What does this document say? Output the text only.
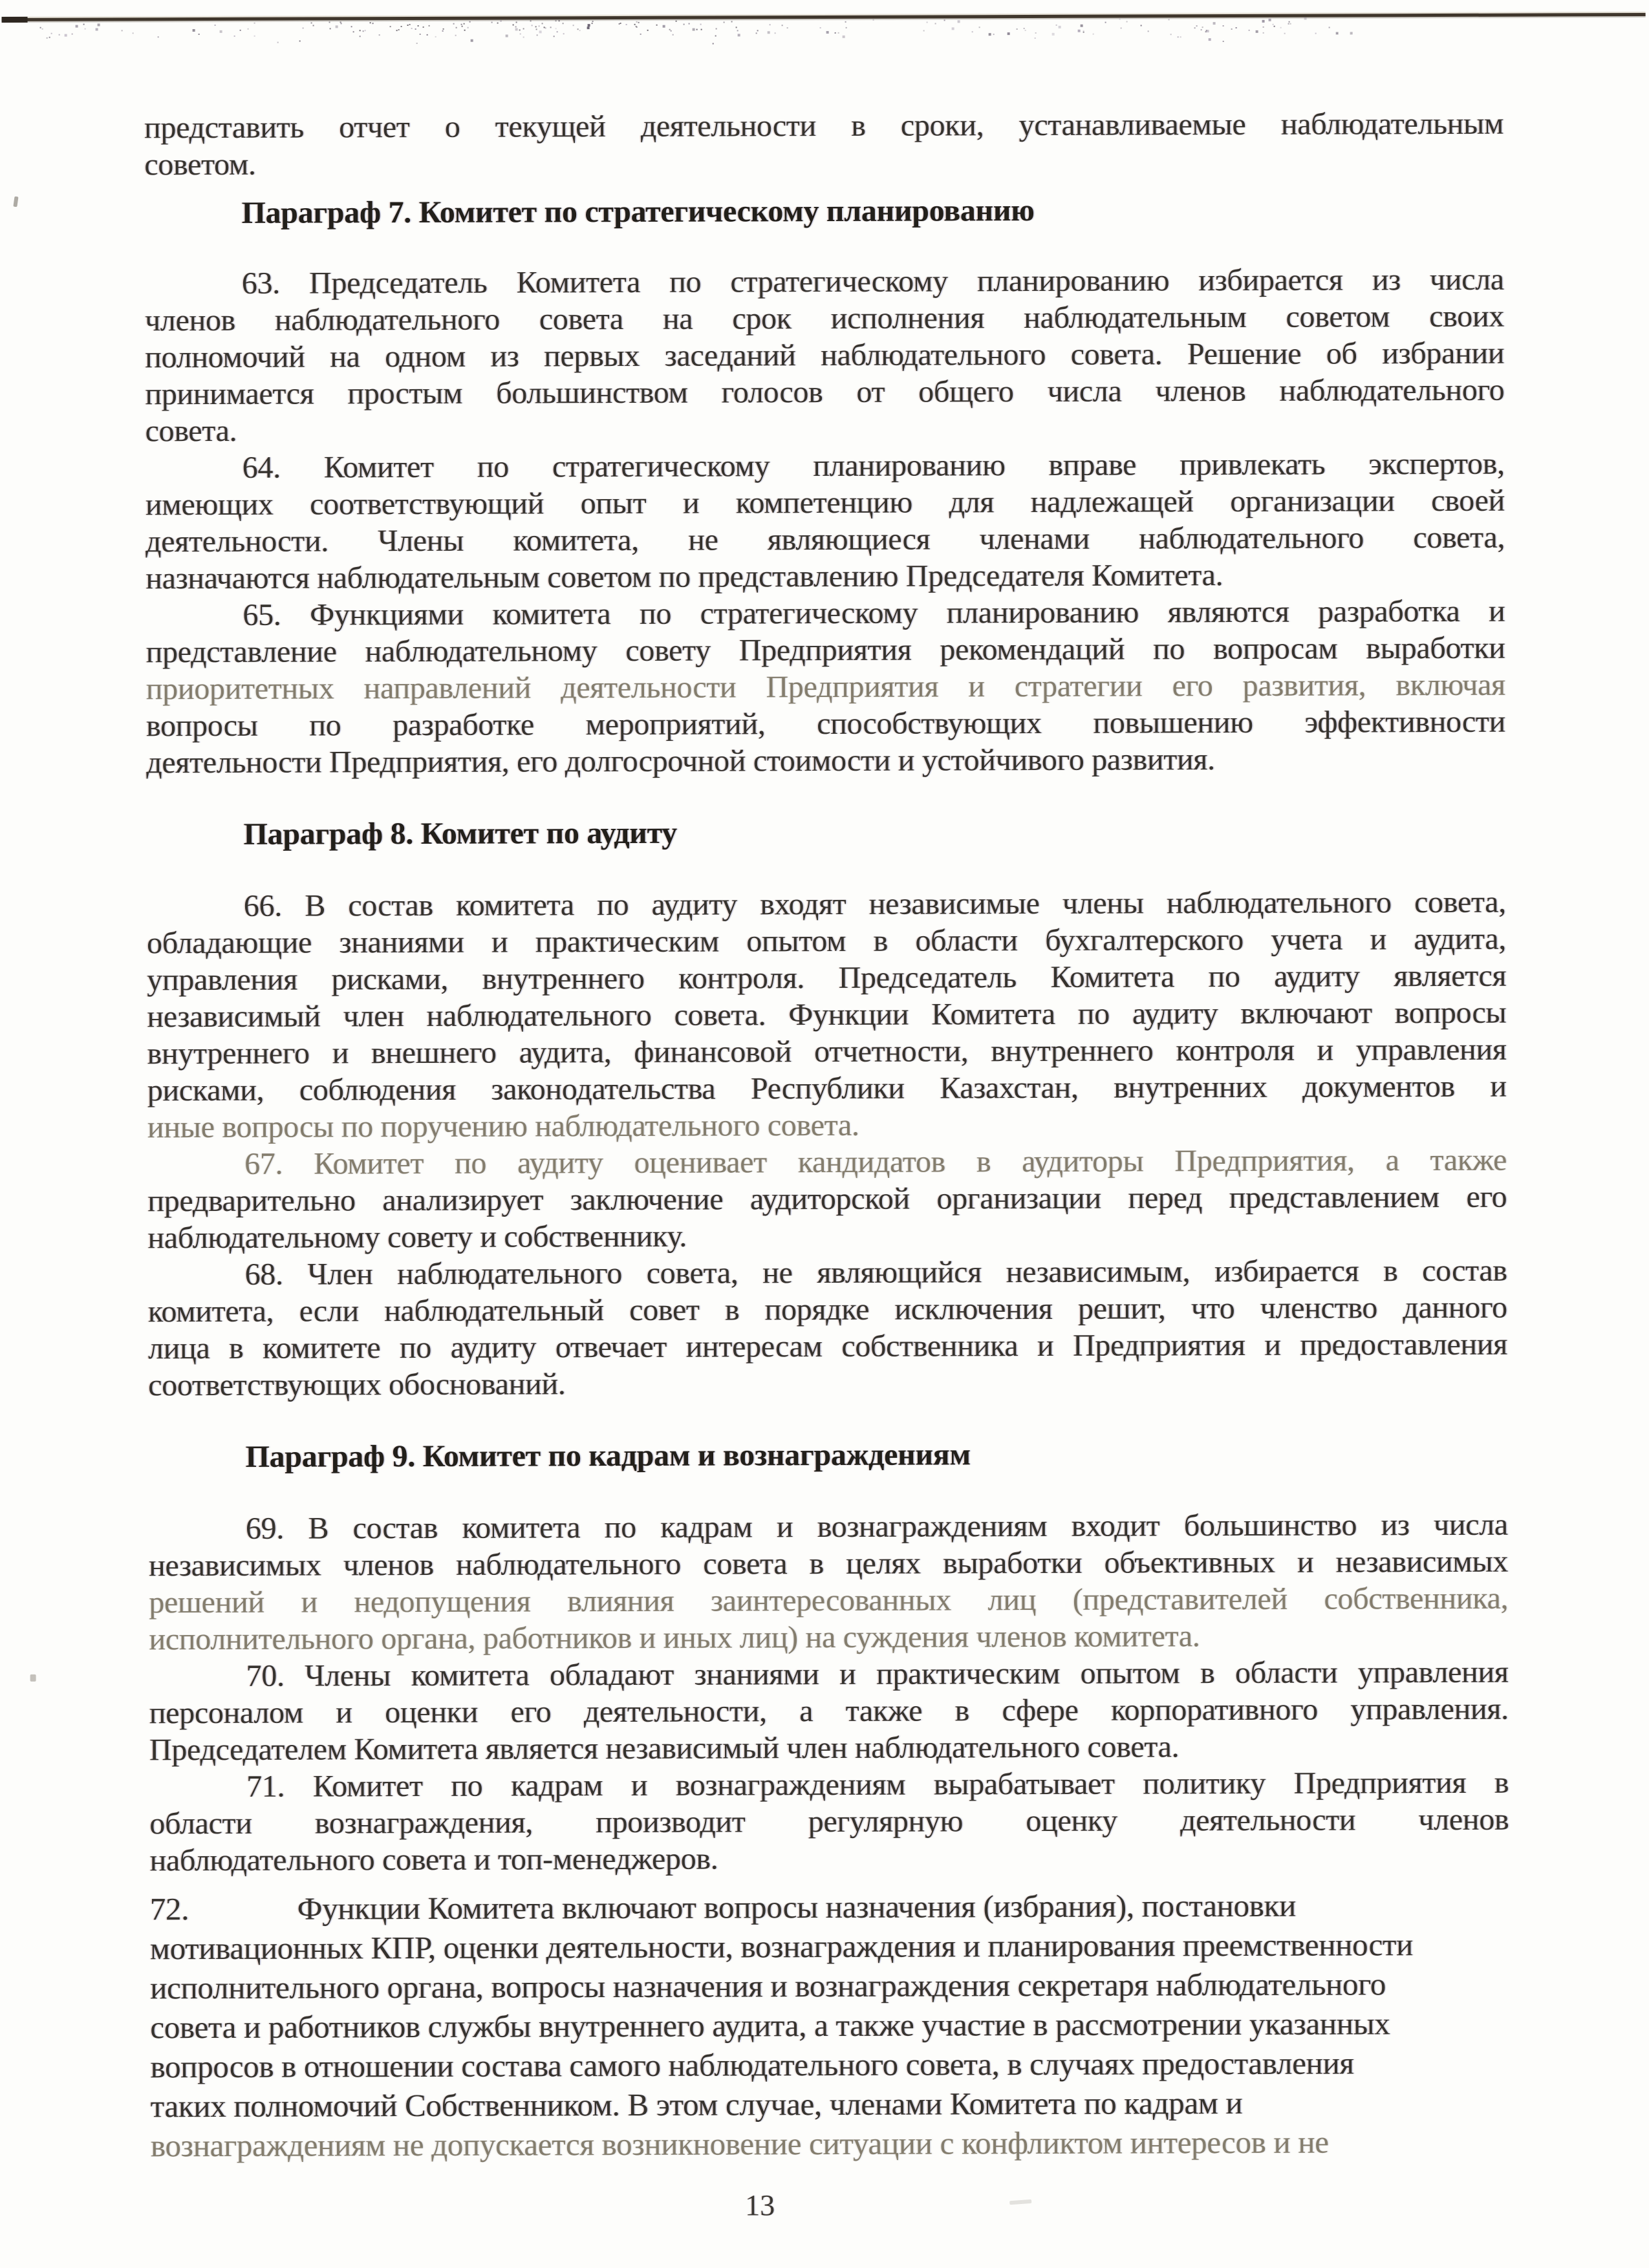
представить отчет о текущей деятельности в сроки, устанавливаемые наблюдательным
советом.
Параграф 7. Комитет по стратегическому планированию
63. Председатель Комитета по стратегическому планированию избирается из числа
членов наблюдательного совета на срок исполнения наблюдательным советом своих
полномочий на одном из первых заседаний наблюдательного совета. Решение об избрании
принимается простым большинством голосов от общего числа членов наблюдательного
совета.
64. Комитет по стратегическому планированию вправе привлекать экспертов,
имеющих соответствующий опыт и компетенцию для надлежащей организации своей
деятельности. Члены комитета, не являющиеся членами наблюдательного совета,
назначаются наблюдательным советом по представлению Председателя Комитета.
65. Функциями комитета по стратегическому планированию являются разработка и
представление наблюдательному совету Предприятия рекомендаций по вопросам выработки
приоритетных направлений деятельности Предприятия и стратегии его развития, включая
вопросы по разработке мероприятий, способствующих повышению эффективности
деятельности Предприятия, его долгосрочной стоимости и устойчивого развития.
Параграф 8. Комитет по аудиту
66. В состав комитета по аудиту входят независимые члены наблюдательного совета,
обладающие знаниями и практическим опытом в области бухгалтерского учета и аудита,
управления рисками, внутреннего контроля. Председатель Комитета по аудиту является
независимый член наблюдательного совета. Функции Комитета по аудиту включают вопросы
внутреннего и внешнего аудита, финансовой отчетности, внутреннего контроля и управления
рисками, соблюдения законодательства Республики Казахстан, внутренних документов и
иные вопросы по поручению наблюдательного совета.
67. Комитет по аудиту оценивает кандидатов в аудиторы Предприятия, а также
предварительно анализирует заключение аудиторской организации перед представлением его
наблюдательному совету и собственнику.
68. Член наблюдательного совета, не являющийся независимым, избирается в состав
комитета, если наблюдательный совет в порядке исключения решит, что членство данного
лица в комитете по аудиту отвечает интересам собственника и Предприятия и предоставления
соответствующих обоснований.
Параграф 9. Комитет по кадрам и вознаграждениям
69. В состав комитета по кадрам и вознаграждениям входит большинство из числа
независимых членов наблюдательного совета в целях выработки объективных и независимых
решений и недопущения влияния заинтересованных лиц (представителей собственника,
исполнительного органа, работников и иных лиц) на суждения членов комитета.
70. Члены комитета обладают знаниями и практическим опытом в области управления
персоналом и оценки его деятельности, а также в сфере корпоративного управления.
Председателем Комитета является независимый член наблюдательного совета.
71. Комитет по кадрам и вознаграждениям вырабатывает политику Предприятия в
области вознаграждения, производит регулярную оценку деятельности членов
наблюдательного совета и топ-менеджеров.
72.	Функции Комитета включают вопросы назначения (избрания), постановки
мотивационных КПР, оценки деятельности, вознаграждения и планирования преемственности
исполнительного органа, вопросы назначения и вознаграждения секретаря наблюдательного
совета и работников службы внутреннего аудита, а также участие в рассмотрении указанных
вопросов в отношении состава самого наблюдательного совета, в случаях предоставления
таких полномочий Собственником. В этом случае, членами Комитета по кадрам и
вознаграждениям не допускается возникновение ситуации с конфликтом интересов и не
13
